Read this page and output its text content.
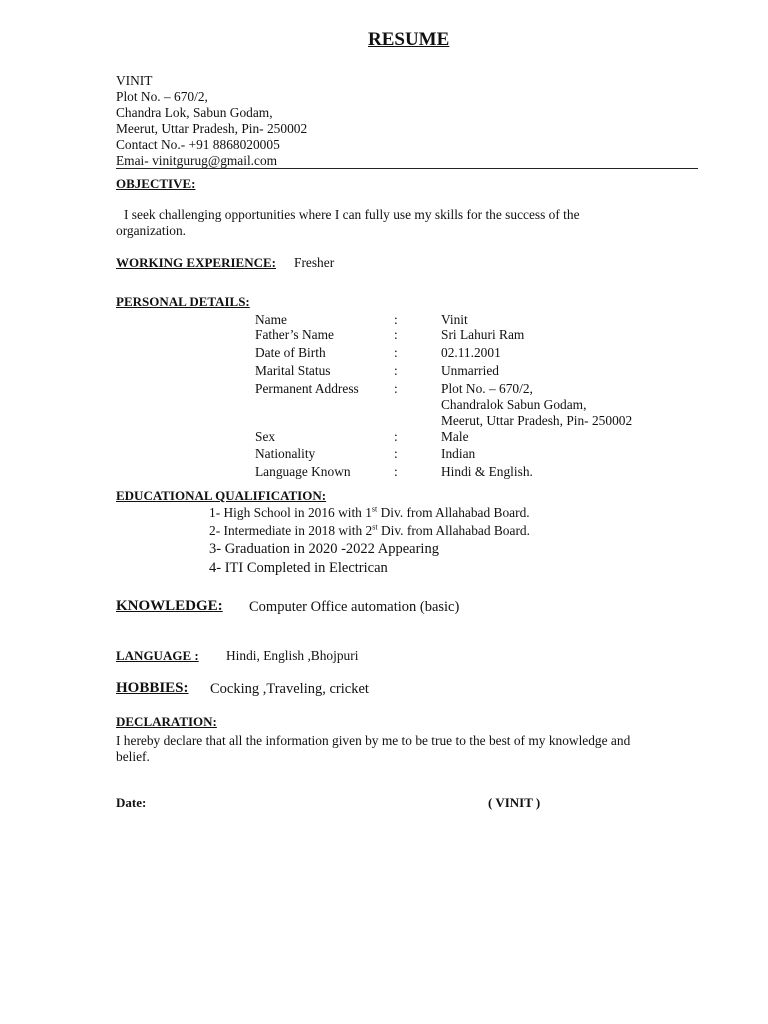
RESUME
VINIT
Plot No. – 670/2,
Chandra Lok, Sabun Godam,
Meerut, Uttar Pradesh, Pin- 250002
Contact No.- +91 8868020005
Emai- vinitgurug@gmail.com
OBJECTIVE:
I seek challenging opportunities where I can fully use my skills for the success of the
organization.
WORKING EXPERIENCE: Fresher
PERSONAL DETAILS:
Name	:	Vinit
Father’s Name	:	Sri Lahuri Ram
Date of Birth	:	02.11.2001
Marital Status	:	Unmarried
Permanent Address	:	Plot No. – 670/2,
Chandralok Sabun Godam,
Meerut, Uttar Pradesh, Pin- 250002
Sex	:	Male
Nationality	:	Indian
Language Known	:	Hindi & English.
EDUCATIONAL QUALIFICATION:
1- High School in 2016 with 1st Div. from Allahabad Board.
2- Intermediate in 2018 with 2st Div. from Allahabad Board.
3- Graduation in 2020 -2022 Appearing
4- ITI Completed in Electrican
KNOWLEDGE:	Computer Office automation (basic)
LANGUAGE :	Hindi, English ,Bhojpuri
HOBBIES: Cocking ,Traveling, cricket
DECLARATION:
I hereby declare that all the information given by me to be true to the best of my knowledge and
belief.
Date:	( VINIT )
